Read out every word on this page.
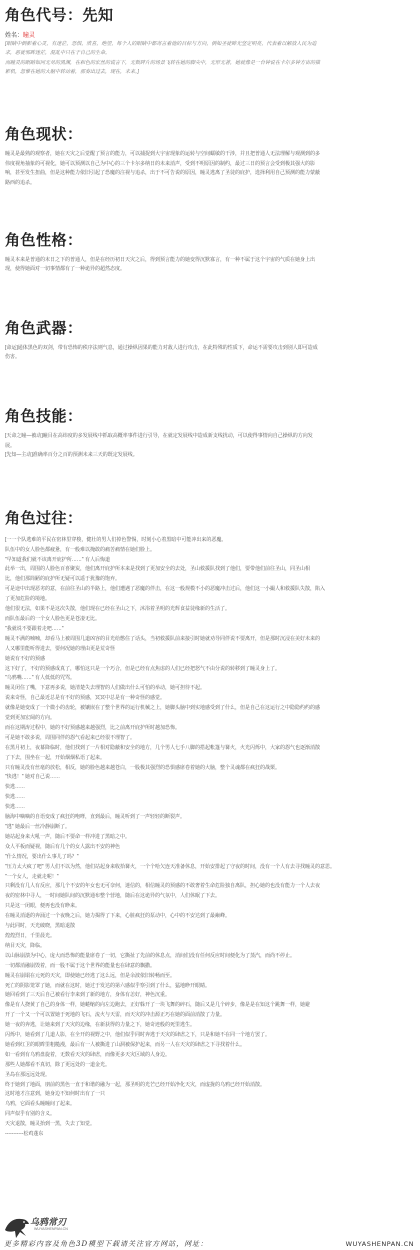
角色代号：先知
姓名：瞳灵

[眼睛中倒影着心灵，有迷茫，恐惧，欣喜，绝望，每个人的眼睛中都寄言着他的目标与方向，例如圣徒眸光坚定明亮，代表着以解放人民为追

求，恶徒邪眸迷茫，混乱中只在于自己的生命。

而瞳灵的眼睛如同无尽的黑渊，在和色的宏丝的谎言下，无数碎片的场景飞转在她的脚尖中，无形无著，她就像是一台钟说在卡尔多钟方宙的描

影机，忽惟在她的大脑中转动着，那奏出过去，现在，未来。]

角色现状：

瞳灵是最熟的观察者，她在天灾之后觉醒了预言的能力，可以捕捉到大宇宙现象的运转与空间蠕敏的干涉，并且把普通人无法理解与观测到的多

伟度视角抽象的可视化，她可以预测以自己为中心的三个卡尔多纳日的未来消声，受到不明原因的制约，最过三日的预言会受到极其强大的影

响，甚至发生扭曲，但是这种能力依旧引起了恐魔的注视与追杀，出于不可告说的原因，瞳灵逃离了圣徒的庇护，选择利用自己预测的能力蒙蔽

路西的追杀。

角色性格：

瞳灵本来是普通的末日之下的普通人，但是在经历初日天灾之后，得到预言能力的她变得沉默寡言，有一种不属于这个宇宙的气质在她身上出

现，使得她面对一切事情都有了一种诡异的超然态度。

角色武器：

[命运]通体黑色的双剑，带有恐怖的秩序法则气息，通过操纵因果的能力对敌人进行攻击，在此特殊的性质下，命运不需要攻击到别人即可造成

伤害。

角色技能：

[天命之瞳—被动]瞳目在高纬度的多发展线中抓取高概率事件进行引导，在就定发展线中造成新支线扰动，可以使得事情向自己操纵的方向发

展。

[先知—主动]准确率百分之百的预测未来三天的既定发展线。

角色过往：

[一一个队逃难的平民在密林里穿梭，健壮的男人们掉色警惕，时刻小心着黑暗中可能冲出来的恶魔。

队伍中的女人脸色都疲惫，有一般难以掩敢的痛苦痛情在她们脸上。

"早知道我们就不该离开庇护所……" 有人后悔道

此举一出，周围的人脸色百喜聚炭，他们离开庇护所本来是找到了更加安全的去处，圣山救援队找到了他们，要带他们前往圣山，同圣山相

比，他们那简陋的庇护所无疑可以遥于犹豫的饱弃。

可是途中出现恶劣的意，在前往圣山的半路上，他们遭遇了恶魔的伴击，在这一般规模不小的恶魔冲击过后，他们这一小撮人和救援队失散，陷入

了更加危险的境地。

他们很无法，如果不是这次失散，他们现在已经在圣山之下，沐浴着圣明的光辉食益徒缘新的生活了。

而队伍最后的一个女人脸色更是苍凄无比。

"我就说不要跟着走吧……"

瞳灵不满的喃喃，却看马上被周围几道凶容的目光给憋住了话头，当初救援队前来接引时她就劝导同伴说不要离开，但是那时沉浸在美好未来的

人又哪里能听得进去，要何况她的理由更是荒奇怪

她说有不好的预感

这下好了，不好的预感成真了，哪怕这只是一个巧合，但是已经有点焦虑的人们已经把怒气不由分说的转移到了瞳灵身上了。

"乌鸦嘴……" 有人低低的咒骂。

瞳灵闭住了嘴，下意再多说，她清楚失去理智的人们做出什么可怕的举动，她可担待不起。

说来奇怪，自己最近总是有不好的预感，冥冥中总是有一种奇怪的感觉。

就像是她变成了一个微小的齿轮，被镶嵌在了整个世界的运行机械之上，她脚头脑中到实地感受到了什么，但是自己在这运行之中隐隐约约的感

觉到更加宏阔的方向。

而在这期涛过程中，她的不好预感越来越强烈，比之前离开庇护所时越加恐怖。

可是她不敢多说，周围同伴的怨气看起来已经很不理智了。

在黑月初上，夜幕降临时，他们找到了一片相对隐蔽和安全的地方，几个男人七手八脚的搭起帐篷与篝火，火光闪烁中，大家的怨气也逐渐消散

了下去，围坐在一起，开始烟烟私语了起来。

只有瞳灵没有丝毫的放松，相反，她的脸色越来越苍白，一股极其强烈的恐惧感席卷着她的大脑，整个灵魂都在疯狂的战栗。

"快逃！" 她对自己说……

快逃……

快逃……

快逃……

脑海中嘀嘀的自语变成了疯狂的咆哮，直到最后，瞳灵听到了一声轻轻的断裂声。

"逃" 她最后一丝冷静崩断了。

她站起身来大吼一声，随后不要命一样冲进了黑暗之中。

众人平板而疑视，随后有几个的女人露出不安的神色

"什么情况，要出什么事儿了吗？"

"压力太大疯了吧" 男人们不以为然，他们站起身来收拾篝火，一个个哈欠连天准备休息，开始安排起了守夜的时间，没有一个人有去寻找瞳灵的意思。

"一个女人，走就走呢！"

只剩没有几人有反应，那几个不安的年女也无可奈何，迷信的，相信瞳灵的预感的不敢奢着生命危险独自离队，担心她的也没有能力一个人去夜

夜的密林中寻人，一时间她队间的沉默通布整个营地，随后在这诡异的气氛中，人们休眠了下去。

只是这一闭眼，便再也没有睁来。

在瞳灵消逝的奔涌过一个夜晚之后，她力揭得了下来，心脏疯狂的泵动中，心中的不安达到了最巅峰。

与此同时，天光破晓，黑暗退散

煌煌烈日，千里晨光。

纳目天灾，降临。

以山脉崩溃为中心，庞大而恐怖的能量席卷了一切，它撕扯了先前的休息点，消间们没有任何反应时间便化为了蒸汽，而尚不停止。

一切都消融崩毁着，而一股不属于这个世界的能量也在肆意的飘撒。

瞳灵在崩塌在元死的天灾，即使她已经逃了这么远，但是余波依旧转畅而至。

死亡的阴影笼罩了她，而就在这时，她过于发达的第六感似乎察引到了什么，猛地睁开眼睛。

她回看到了三天后自己被看行李来到了新的地方，身体有恙好，神色沉重。

像是有人挠黄了自己的身体一样，她蜷缩的向左边跑去，正好躲开了一块飞舞的碎石，随后又是几个碎步，像是是在知这个跳舞一样，她避

开了一个又一个可以置她于死地的飞石，流火与天雷，而天灾的冲击源正巧在她的面前消散了力量。

她一夜的奔逃，让她来到了天灾的边缘，在新获得的力量之下，她奇迹般的死里逃生。

闪烁中，她看到了几道人影，在全开的视野之中，他们似乎同时奔逃于天灾的肆虐之下，只是和她不在同一个地方罢了。

她看到红卫的眼眸里粗糙漫，最后有一人被撕进了山洞被保护起来，而另一人在天灾的肆虐之下寻找着什么。

如一看到有乌鸦盘旋着，无数看天灾的肆虐，而像更多天灾区域的人身边。

那些人她都看不真切，除了更远处的一道金光。

圣岛在那远远处现。

终于她到了地面，朋前的黑色一直于和谐的融为一起，那圣明的光芒已经开始净化天灾，而虚拢的乌鸦已经开始消散。

这时地才注意到，她身边不知何时出有了一只

乌鸦，它面看头瞳瞳间了起来。

同声似乎有别的含义。

天灾退散，瞳灵抬到一黑，失去了知觉。

-----------松鸡蓬东

乌鸦常刃
WUYASHENPAN.CN
更多精彩内容及角色3D模型下载请关注官方网站，网址：	WUYASHENPAN.CN
